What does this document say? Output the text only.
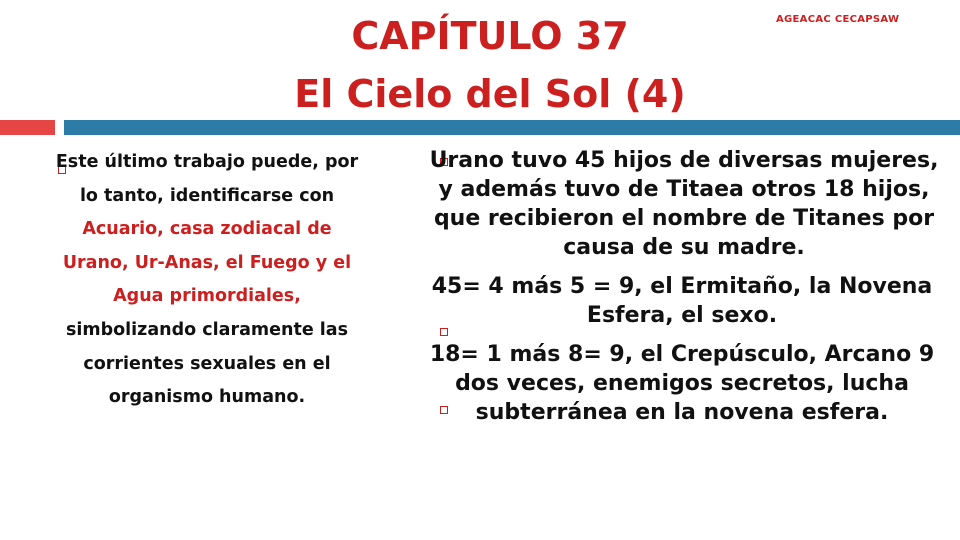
CAPÍTULO 37
El Cielo del Sol (4)
AGEACAC CECAPSAW
Este último trabajo puede, por lo tanto, identificarse con Acuario, casa zodiacal de Urano, Ur-Anas, el Fuego y el Agua primordiales, simbolizando claramente las corrientes sexuales en el organismo humano.

Urano tuvo 45 hijos de diversas mujeres, y además tuvo de Titaea otros 18 hijos, que recibieron el nombre de Titanes por causa de su madre.

45= 4 más 5 = 9, el Ermitaño, la Novena Esfera, el sexo.

18= 1 más 8= 9, el Crepúsculo, Arcano 9 dos veces, enemigos secretos, lucha subterránea en la novena esfera.
